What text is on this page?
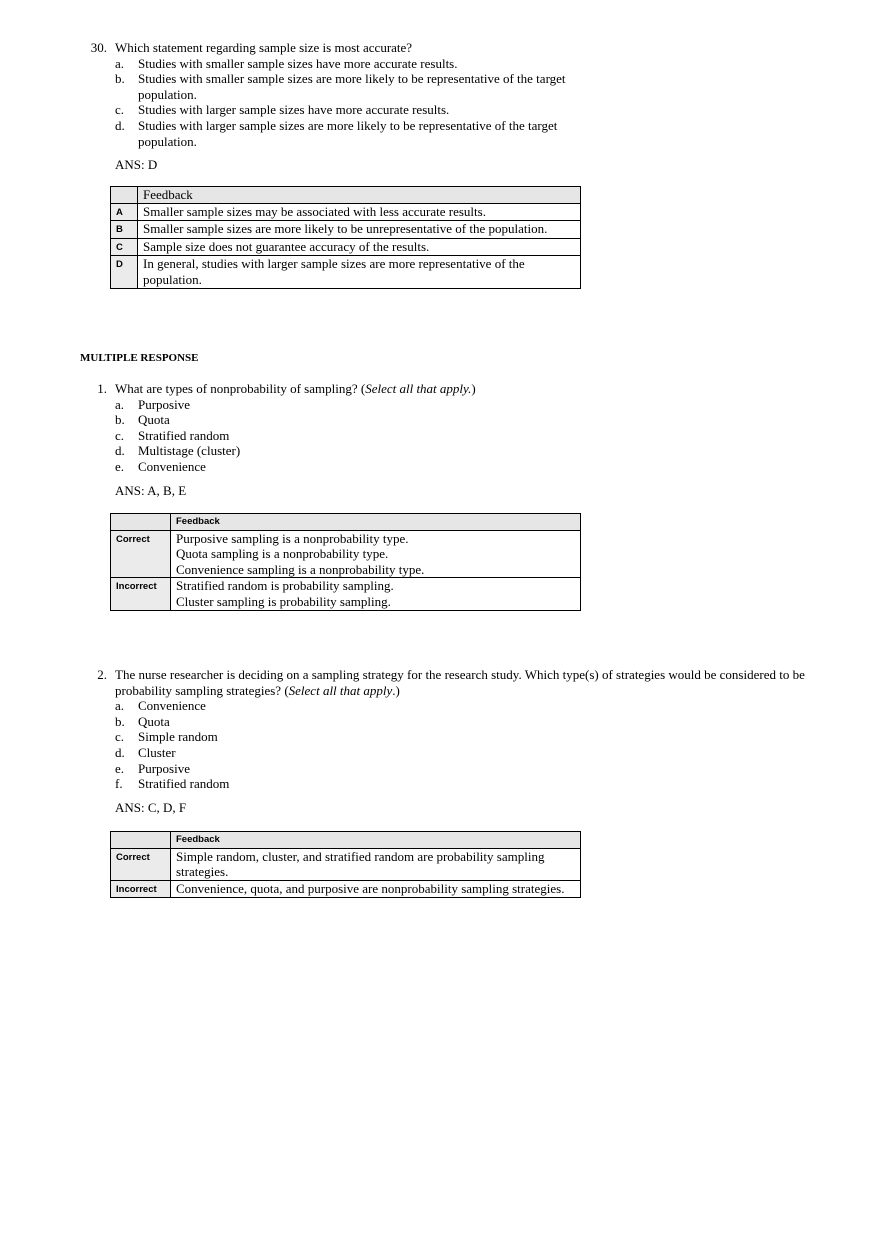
30. Which statement regarding sample size is most accurate?
a. Studies with smaller sample sizes have more accurate results.
b. Studies with smaller sample sizes are more likely to be representative of the target population.
c. Studies with larger sample sizes have more accurate results.
d. Studies with larger sample sizes are more likely to be representative of the target population.
ANS: D
	Feedback
A	Smaller sample sizes may be associated with less accurate results.
B	Smaller sample sizes are more likely to be unrepresentative of the population.
C	Sample size does not guarantee accuracy of the results.
D	In general, studies with larger sample sizes are more representative of the population.
MULTIPLE RESPONSE
1. What are types of nonprobability of sampling? (Select all that apply.)
a. Purposive
b. Quota
c. Stratified random
d. Multistage (cluster)
e. Convenience
ANS: A, B, E
	Feedback
Correct	Purposive sampling is a nonprobability type.
Quota sampling is a nonprobability type.
Convenience sampling is a nonprobability type.

Incorrect	Stratified random is probability sampling.
Cluster sampling is probability sampling.
2. The nurse researcher is deciding on a sampling strategy for the research study. Which type(s) of strategies would be considered to be probability sampling strategies? (Select all that apply.)
a. Convenience
b. Quota
c. Simple random
d. Cluster
e. Purposive
f. Stratified random
ANS: C, D, F
	Feedback
Correct	Simple random, cluster, and stratified random are probability sampling strategies.
Incorrect	Convenience, quota, and purposive are nonprobability sampling strategies.
